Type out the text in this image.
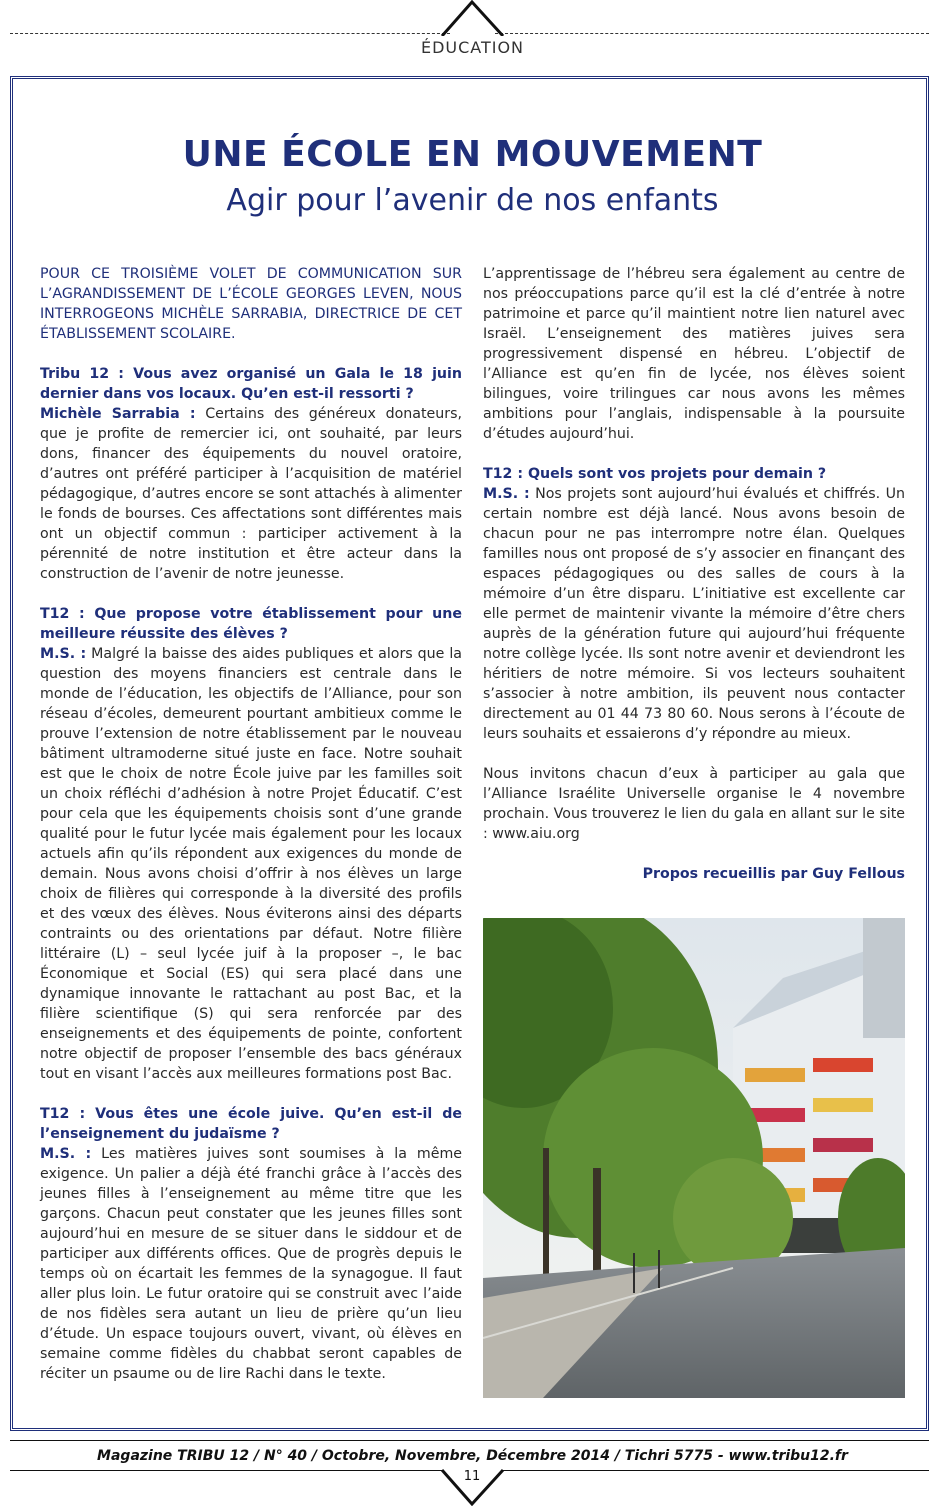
ÉDUCATION
UNE ÉCOLE EN MOUVEMENT
Agir pour l’avenir de nos enfants

POUR CE TROISIÈME VOLET DE COMMUNICATION SUR L’AGRANDISSEMENT DE L’ÉCOLE GEORGES LEVEN, NOUS INTERROGEONS MICHÈLE SARRABIA, DIRECTRICE DE CET ÉTABLISSEMENT SCOLAIRE.

Tribu 12 : Vous avez organisé un Gala le 18 juin dernier dans vos locaux. Qu’en est-il ressorti ?

Michèle Sarrabia : Certains des généreux donateurs, que je profite de remercier ici, ont souhaité, par leurs dons, financer des équipements du nouvel oratoire, d’autres ont préféré participer à l’acquisition de matériel pédagogique, d’autres encore se sont attachés à alimenter le fonds de bourses. Ces affectations sont différentes mais ont un objectif commun : participer activement à la pérennité de notre institution et être acteur dans la construction de l’avenir de notre jeunesse.

T12 : Que propose votre établissement pour une meilleure réussite des élèves ?

M.S. : Malgré la baisse des aides publiques et alors que la question des moyens financiers est centrale dans le monde de l’éducation, les objectifs de l’Alliance, pour son réseau d’écoles, demeurent pourtant ambitieux comme le prouve l’extension de notre établissement par le nouveau bâtiment ultramoderne situé juste en face. Notre souhait est que le choix de notre École juive par les familles soit un choix réfléchi d’adhésion à notre Projet Éducatif. C’est pour cela que les équipements choisis sont d’une grande qualité pour le futur lycée mais également pour les locaux actuels afin qu’ils répondent aux exigences du monde de demain. Nous avons choisi d’offrir à nos élèves un large choix de filières qui corresponde à la diversité des profils et des vœux des élèves. Nous éviterons ainsi des départs contraints ou des orientations par défaut. Notre filière littéraire (L) – seul lycée juif à la proposer –, le bac Économique et Social (ES) qui sera placé dans une dynamique innovante le rattachant au post Bac, et la filière scientifique (S) qui sera renforcée par des enseignements et des équipements de pointe, confortent notre objectif de proposer l’ensemble des bacs généraux tout en visant l’accès aux meilleures formations post Bac.

T12 : Vous êtes une école juive. Qu’en est-il de l’enseignement du judaïsme ?

M.S. : Les matières juives sont soumises à la même exigence. Un palier a déjà été franchi grâce à l’accès des jeunes filles à l’enseignement au même titre que les garçons. Chacun peut constater que les jeunes filles sont aujourd’hui en mesure de se situer dans le siddour et de participer aux différents offices. Que de progrès depuis le temps où on écartait les femmes de la synagogue. Il faut aller plus loin. Le futur oratoire qui se construit avec l’aide de nos fidèles sera autant un lieu de prière qu’un lieu d’étude. Un espace toujours ouvert, vivant, où élèves en semaine comme fidèles du chabbat seront capables de réciter un psaume ou de lire Rachi dans le texte.

L’apprentissage de l’hébreu sera également au centre de nos préoccupations parce qu’il est la clé d’entrée à notre patrimoine et parce qu’il maintient notre lien naturel avec Israël. L’enseignement des matières juives sera progressivement dispensé en hébreu. L’objectif de l’Alliance est qu’en fin de lycée, nos élèves soient bilingues, voire trilingues car nous avons les mêmes ambitions pour l’anglais, indispensable à la poursuite d’études aujourd’hui.

T12 : Quels sont vos projets pour demain ?

M.S. : Nos projets sont aujourd’hui évalués et chiffrés. Un certain nombre est déjà lancé. Nous avons besoin de chacun pour ne pas interrompre notre élan. Quelques familles nous ont proposé de s’y associer en finançant des espaces pédagogiques ou des salles de cours à la mémoire d’un être disparu. L’initiative est excellente car elle permet de maintenir vivante la mémoire d’être chers auprès de la génération future qui aujourd’hui fréquente notre collège lycée. Ils sont notre avenir et deviendront les héritiers de notre mémoire. Si vos lecteurs souhaitent s’associer à notre ambition, ils peuvent nous contacter directement au 01 44 73 80 60. Nous serons à l’écoute de leurs souhaits et essaierons d’y répondre au mieux.

Nous invitons chacun d’eux à participer au gala que l’Alliance Israélite Universelle organise le 4 novembre prochain. Vous trouverez le lien du gala en allant sur le site : www.aiu.org

Propos recueillis par Guy Fellous

Magazine TRIBU 12 / N° 40 / Octobre, Novembre, Décembre 2014 / Tichri 5775 - www.tribu12.fr
11
